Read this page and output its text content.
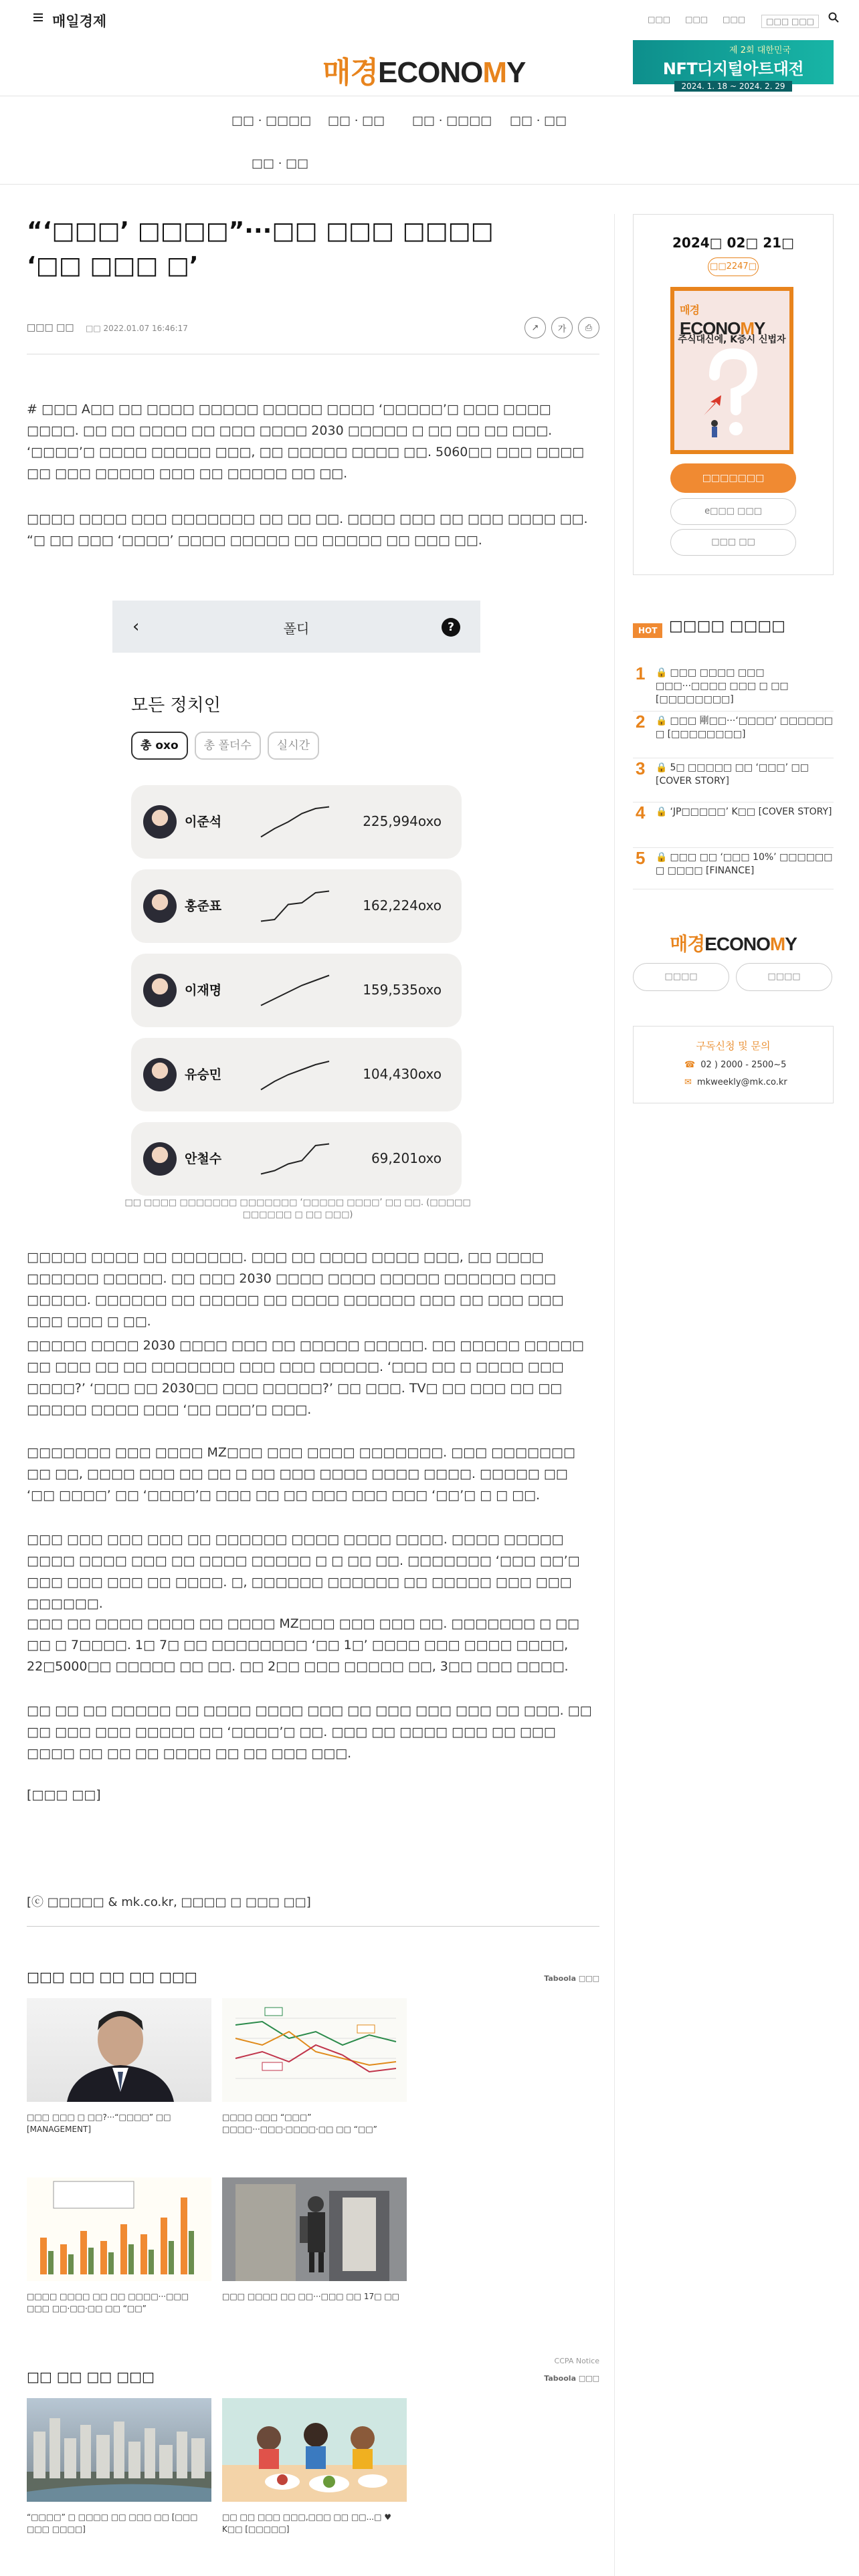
매일경제	□□□ □□□ □□□	□□□ □□□
매경ECONOMY
제 2회 대한민국
NFT디지털아트대전
2024. 1. 18 ~ 2024. 2. 29
□□ · □□□□ □□ · □□ □□ · □□□□ □□ · □□
□□ · □□
“‘□□□’ □□□□”···□□ □□□ □□□□ ‘□□ □□□ □’
□□□ □□ □□ 2022.01.07 16:46:17	↗	가	⎙

# □□□ A□□ □□ □□□□ □□□□□ □□□□□ □□□□ ‘□□□□□’□ □□□ □□□□ □□□□. □□ □□ □□□□ □□ □□□ □□□□ 2030 □□□□□ □ □□ □□ □□ □□□. ‘□□□□’□ □□□□ □□□□□ □□□, □□ □□□□□ □□□□ □□. 5060□□ □□□ □□□□ □□ □□□ □□□□□ □□□ □□ □□□□□ □□ □□.

□□□□ □□□□ □□□ □□□□□□□ □□ □□ □□. □□□□ □□□ □□ □□□ □□□□ □□. “□ □□ □□□ ‘□□□□’ □□□□ □□□□□ □□ □□□□□ □□ □□□ □□.

‹	폴디	?
모든 정치인
총 oxo	총 폴더수	실시간
이준석	225,994oxo
홍준표	162,224oxo
이재명	159,535oxo
유승민	104,430oxo
안철수	69,201oxo
□□ □□□□ □□□□□□□ □□□□□□□ ‘□□□□□ □□□□’ □□ □□. (□□□□□ □□□□□□ □ □□ □□□)

□□□□□ □□□□ □□ □□□□□□. □□□ □□ □□□□ □□□□ □□□, □□ □□□□ □□□□□□ □□□□□. □□ □□□ 2030 □□□□ □□□□ □□□□□ □□□□□□ □□□ □□□□□. □□□□□□ □□ □□□□□ □□ □□□□ □□□□□□ □□□ □□ □□□ □□□ □□□ □□□ □ □□.

□□□□□ □□□□ 2030 □□□□ □□□ □□ □□□□□ □□□□□. □□ □□□□□ □□□□□ □□ □□□ □□ □□ □□□□□□□ □□□ □□□ □□□□□. ‘□□□ □□ □ □□□□ □□□ □□□□?’ ‘□□□ □□ 2030□□ □□□ □□□□□?’ □□ □□□. TV□ □□ □□□ □□ □□ □□□□□ □□□□ □□□ ‘□□ □□□’□ □□□.

□□□□□□□ □□□ □□□□ MZ□□□ □□□ □□□□ □□□□□□□. □□□ □□□□□□□ □□ □□, □□□□ □□□ □□ □□ □ □□ □□□ □□□□ □□□□ □□□□. □□□□□ □□ ‘□□ □□□□’ □□ ‘□□□□’□ □□□ □□ □□ □□□ □□□ □□□ ‘□□’□ □ □ □□.

□□□ □□□ □□□ □□□ □□ □□□□□□ □□□□ □□□□ □□□□. □□□□ □□□□□ □□□□ □□□□ □□□ □□ □□□□ □□□□□ □ □ □□ □□. □□□□□□□ ‘□□□ □□’□ □□□ □□□ □□□ □□ □□□□. □, □□□□□□ □□□□□□ □□ □□□□□ □□□ □□□ □□□□□□.

□□□ □□ □□□□ □□□□ □□ □□□□ MZ□□□ □□□ □□□ □□. □□□□□□□ □ □□ □□ □ 7□□□□. 1□ 7□ □□ □□□□□□□□ ‘□□ 1□’ □□□□ □□□ □□□□ □□□□, 22□5000□□ □□□□□ □□ □□. □□ 2□□ □□□ □□□□□ □□, 3□□ □□□ □□□□.

□□ □□ □□ □□□□□ □□ □□□□ □□□□ □□□ □□ □□□ □□□ □□□ □□ □□□. □□ □□ □□□ □□□ □□□□□ □□ ‘□□□□’□ □□. □□□ □□ □□□□ □□□ □□ □□□ □□□□ □□ □□ □□ □□□□ □□ □□ □□□ □□□.

[□□□ □□]

[ⓒ □□□□□ & mk.co.kr, □□□□ □ □□□ □□]
□□□ □□ □□ □□ □□□	Taboola □□□
□□□ □□□ □ □□?···“□□□□” □□ [MANAGEMENT]
□□□□ □□□ “□□□” □□□□···□□□·□□□□·□□ □□ “□□”
□□□□ □□□□ □□ □□ □□□□···□□□ □□□ □□·□□·□□ □□ “□□”
□□□ □□□□ □□ □□···□□□ □□ 17□ □□
CCPA Notice
□□ □□ □□ □□□	Taboola □□□
“□□□□” □ □□□□ □□ □□□ □□ [□□□ □□□ □□□□]
□□ □□ □□□ □□□,□□□ □□ □□...□ ♥ K□□ [□□□□□]
2024□ 02□ 21□
□□2247□
매경
ECONOMY
주식대신에, K증시 신법자
□□□□□□□
e□□□ □□□
□□□ □□
HOT □□□□ □□□□
1 🔒 □□□ □□□□ □□□ □□□···□□□□ □□□ □ □□ [□□□□□□□□]
2 🔒 □□□ 剛□□···‘□□□□’ □□□□□□ □ [□□□□□□□□]
3 🔒 5□ □□□□□ □□ ‘□□□’ □□ [COVER STORY]
4 🔒 ‘JP□□□□□’ K□□ [COVER STORY]
5 🔒 □□□ □□ ‘□□□ 10%’ □□□□□□ □ □□□□ [FINANCE]
매경ECONOMY
□□□□	□□□□
구독신청 및 문의
☎ 02 ) 2000 - 2500~5
✉ mkweekly@mk.co.kr
